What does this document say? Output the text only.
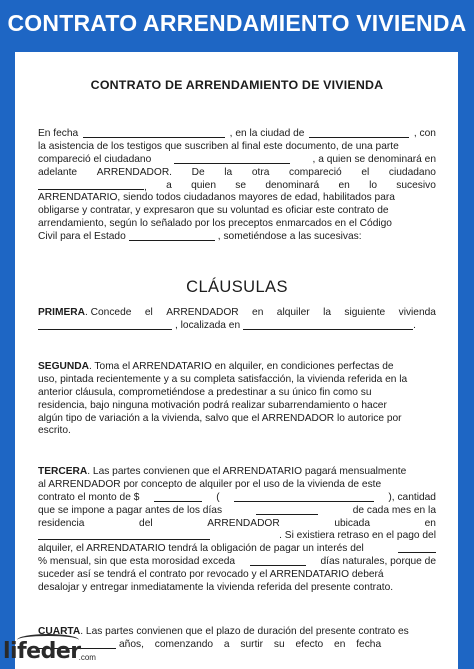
CONTRATO ARRENDAMIENTO VIVIENDA
CONTRATO DE ARRENDAMIENTO DE VIVIENDA
En fecha	, en la ciudad de	, con
la asistencia de los testigos que suscriben al final este documento, de una parte
compareció el ciudadano	, a quien se denominará en
adelante ARRENDADOR. De la otra compareció el ciudadano
, a quien se denominará en lo sucesivo
ARRENDATARIO, siendo todos ciudadanos mayores de edad, habilitados para
obligarse y contratar, y expresaron que su voluntad es oficiar este contrato de
arrendamiento, según lo señalado por los preceptos enmarcados en el Código
Civil para el Estado	, sometiéndose a las sucesivas:
CLÁUSULAS
PRIMERA. Concede el ARRENDADOR en alquiler la siguiente vivienda
, localizada en	.
SEGUNDA . Toma el ARRENDATARIO en alquiler, en condiciones perfectas de
uso, pintada recientemente y a su completa satisfacción, la vivienda referida en la
anterior cláusula, comprometiéndose a predestinar a su único fin como su
residencia, bajo ninguna motivación podrá realizar subarrendamiento o hacer
algún tipo de variación a la vivienda, salvo que el ARRENDADOR lo autorice por
escrito.
TERCERA . Las partes convienen que el ARRENDATARIO pagará mensualmente
al ARRENDADOR por concepto de alquiler por el uso de la vivienda de este
contrato el monto de $	(	), cantidad
que se impone a pagar antes de los días	de cada mes en la
residencia	del	ARRENDADOR	ubicada	en
. Si existiera retraso en el pago del
alquiler, el ARRENDATARIO tendrá la obligación de pagar un interés del
% mensual, sin que esta morosidad exceda	días naturales, porque de
suceder así se tendrá el contrato por revocado y el ARRENDATARIO deberá
desalojar y entregar inmediatamente la vivienda referida del presente contrato.
CUARTA . Las partes convienen que el plazo de duración del presente contrato es
años, comenzando a surtir su efecto en fecha
lifeder
.com
